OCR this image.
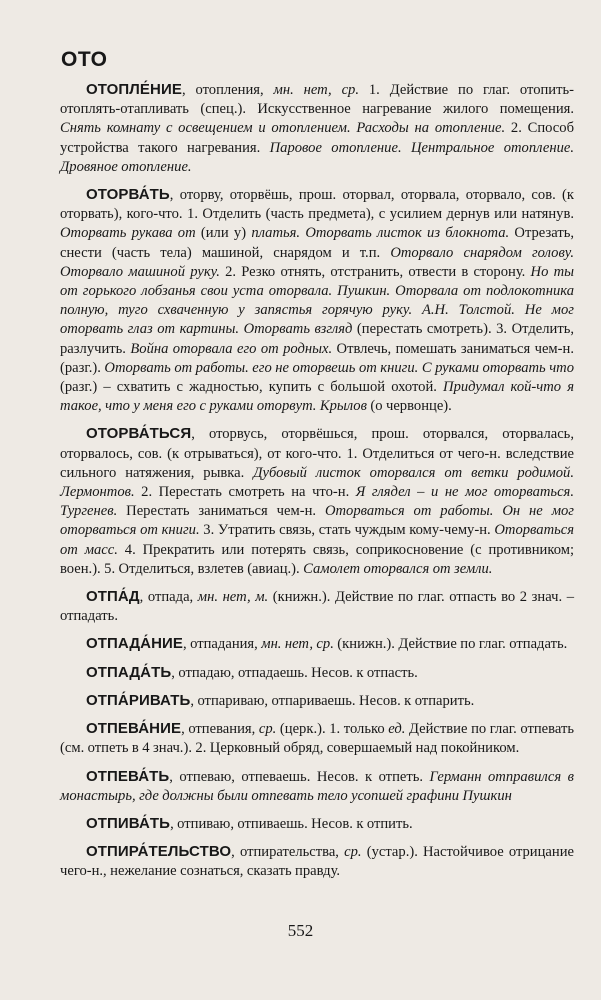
ОТО

ОТОПЛЕ́НИЕ, отопления, мн. нет, ср. 1. Действие по глаг. отопить-отоплять-отапливать (спец.). Искусственное нагревание жилого помещения. Снять комнату с освещением и отоплением. Расходы на отопление. 2. Способ устройства такого нагревания. Паровое отопление. Центральное отопление. Дровяное отопление.

ОТОРВА́ТЬ, оторву, оторвёшь, прош. оторвал, оторвала, оторвало, сов. (к оторвать), кого-что. 1. Отделить (часть предмета), с усилием дернув или натянув. Оторвать рукава от (или у) платья. Оторвать листок из блокнота. Отрезать, снести (часть тела) машиной, снарядом и т.п. Оторвало снарядом голову. Оторвало машиной руку. 2. Резко отнять, отстранить, отвести в сторону. Но ты от горького лобзанья свои уста оторвала. Пушкин. Оторвала от подлокотника полную, туго схваченную у запястья горячую руку. А.Н. Толстой. Не мог оторвать глаз от картины. Оторвать взгляд (перестать смотреть). 3. Отделить, разлучить. Война оторвала его от родных. Отвлечь, помешать заниматься чем-н. (разг.). Оторвать от работы. его не оторвешь от книги. С руками оторвать что (разг.) – схватить с жадностью, купить с большой охотой. Придумал кой-что я такое, что у меня его с руками оторвут. Крылов (о червонце).

ОТОРВА́ТЬСЯ, оторвусь, оторвёшься, прош. оторвался, оторвалась, оторвалось, сов. (к отрываться), от кого-что. 1. Отделиться от чего-н. вследствие сильного натяжения, рывка. Дубовый листок оторвался от ветки родимой. Лермонтов. 2. Перестать смотреть на что-н. Я глядел – и не мог оторваться. Тургенев. Перестать заниматься чем-н. Оторваться от работы. Он не мог оторваться от книги. 3. Утратить связь, стать чуждым кому-чему-н. Оторваться от масс. 4. Прекратить или потерять связь, соприкосновение (с противником; воен.). 5. Отделиться, взлетев (авиац.). Самолет оторвался от земли.

ОТПА́Д, отпада, мн. нет, м. (книжн.). Действие по глаг. отпасть во 2 знач. – отпадать.

ОТПАДА́НИЕ, отпадания, мн. нет, ср. (книжн.). Действие по глаг. отпадать.

ОТПАДА́ТЬ, отпадаю, отпадаешь. Несов. к отпасть.

ОТПА́РИВАТЬ, отпариваю, отпариваешь. Несов. к отпарить.

ОТПЕВА́НИЕ, отпевания, ср. (церк.). 1. только ед. Действие по глаг. отпевать (см. отпеть в 4 знач.). 2. Церковный обряд, совершаемый над покойником.

ОТПЕВА́ТЬ, отпеваю, отпеваешь. Несов. к отпеть. Германн отправился в монастырь, где должны были отпевать тело усопшей графини Пушкин

ОТПИВА́ТЬ, отпиваю, отпиваешь. Несов. к отпить.

ОТПИРА́ТЕЛЬСТВО, отпирательства, ср. (устар.). Настойчивое отрицание чего-н., нежелание сознаться, сказать правду.

552
